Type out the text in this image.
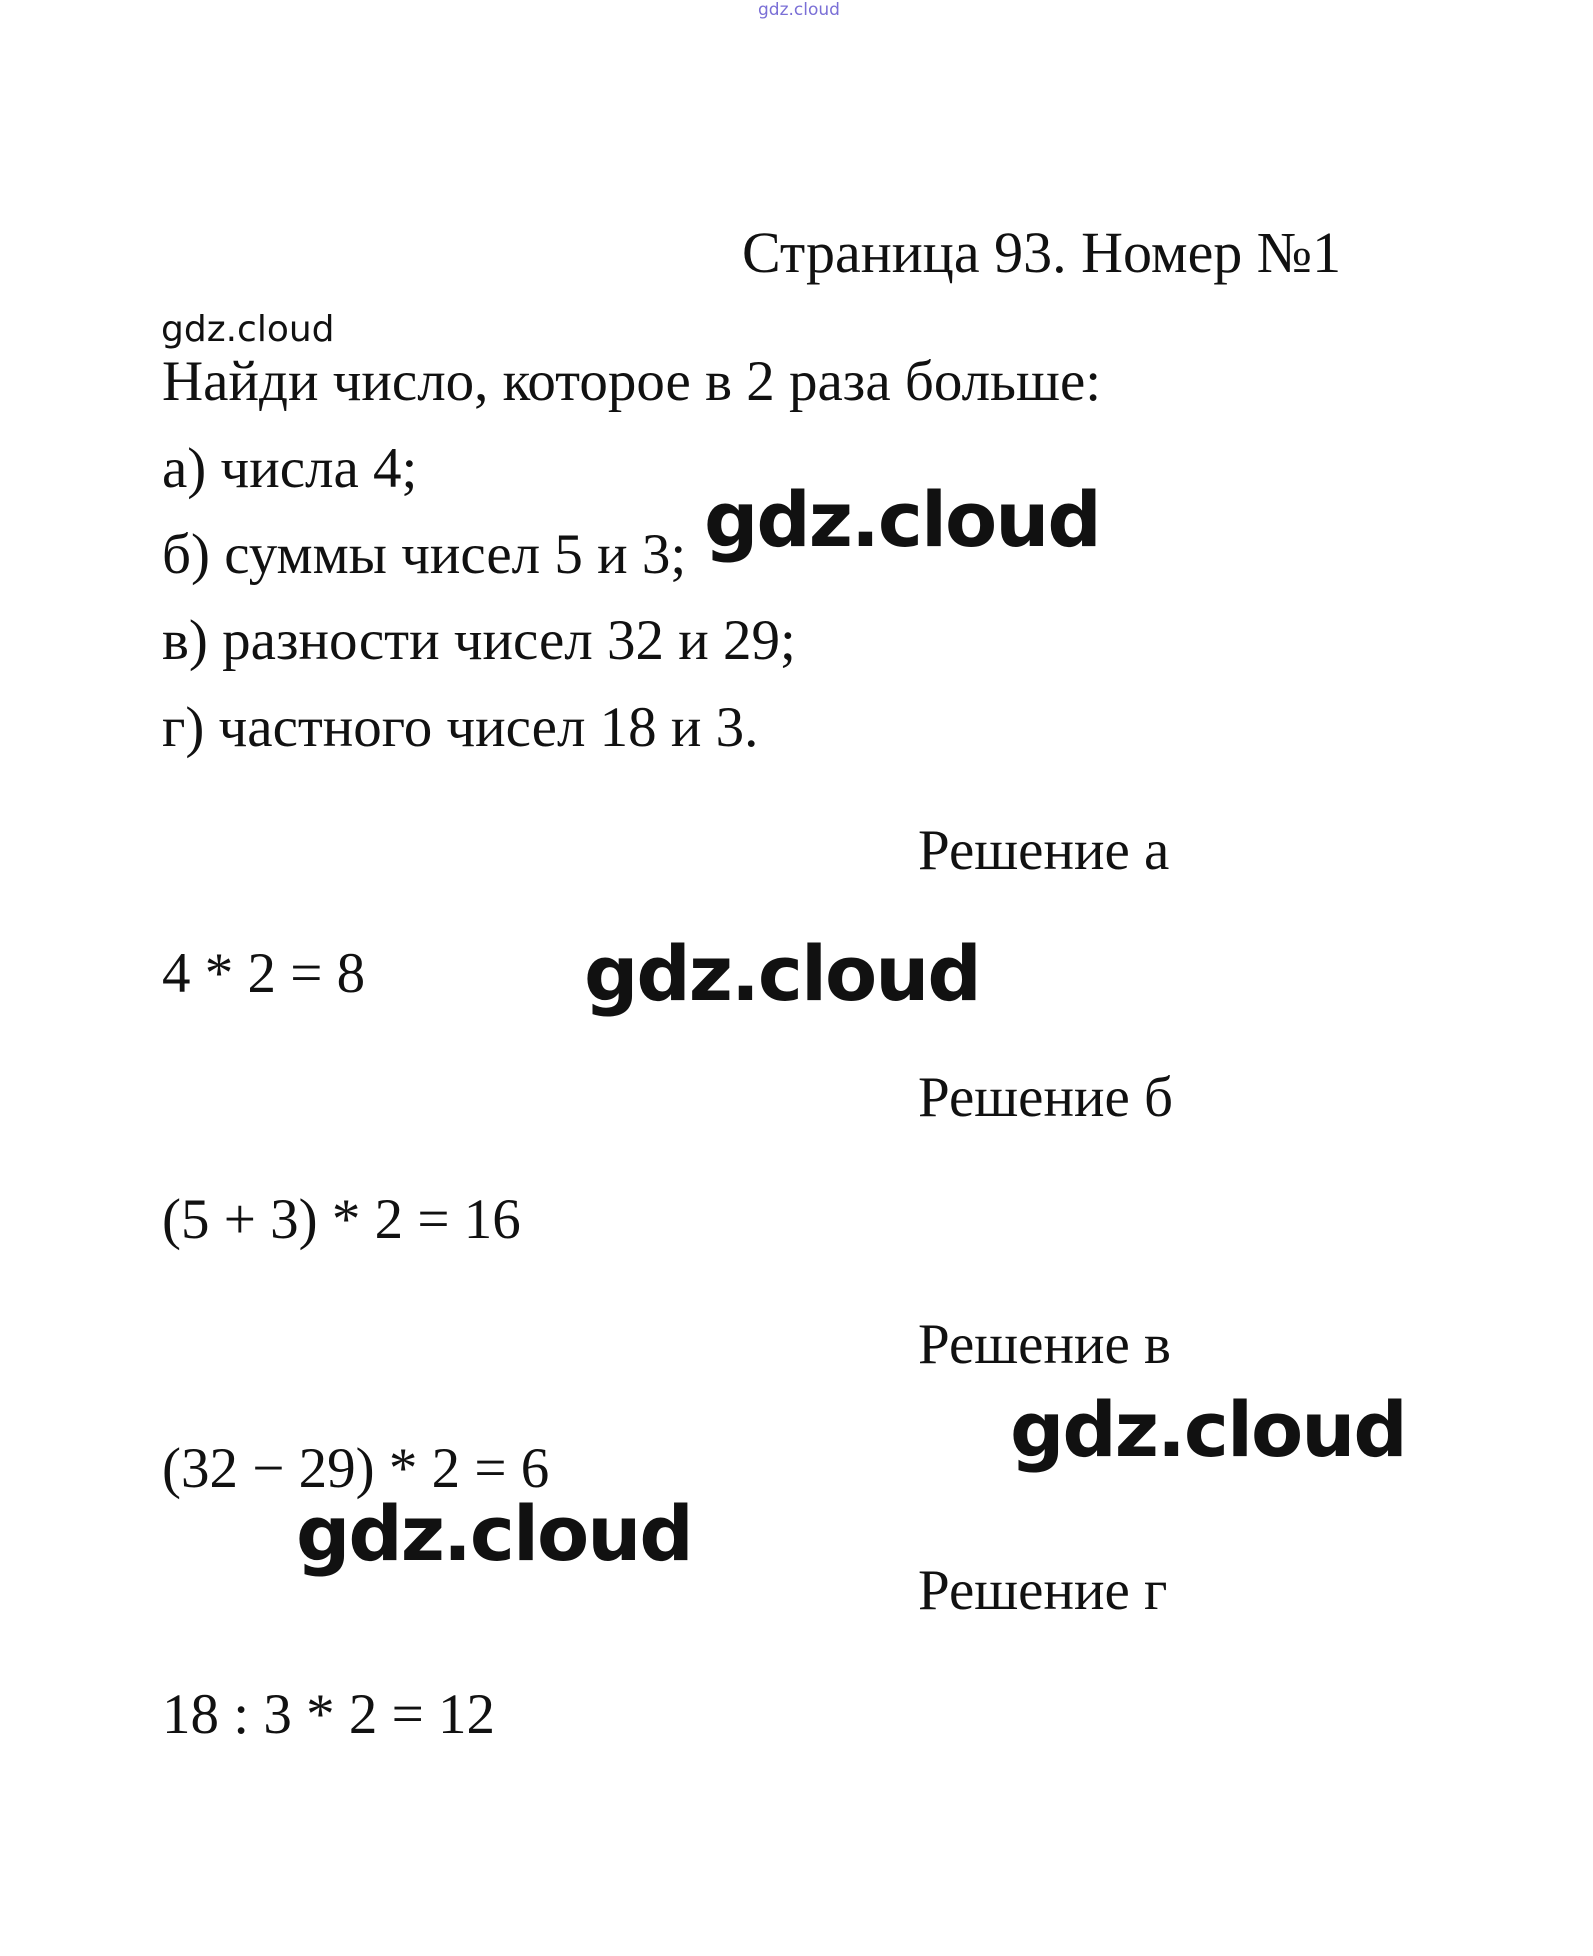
gdz.cloud
Страница 93. Номер №1
gdz.cloud
Найди число, которое в 2 раза больше:
а) числа 4;
б) суммы чисел 5 и 3;
в) разности чисел 32 и 29;
г) частного чисел 18 и 3.
gdz.cloud
Решение а
4 * 2 = 8	gdz.cloud
Решение б
(5 + 3) * 2 = 16
Решение в
gdz.cloud
(32 − 29) * 2 = 6
gdz.cloud
Решение г
18 : 3 * 2 = 12
